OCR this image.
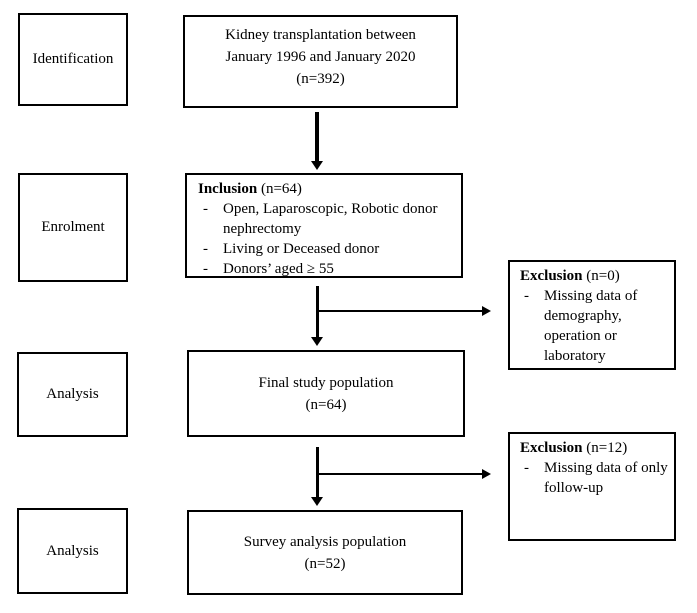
Identification
Enrolment
Analysis
Analysis
Kidney transplantation between
January 1996 and January 2020
(n=392)
Inclusion (n=64)
- Open, Laparoscopic, Robotic donor nephrectomy
- Living or Deceased donor
- Donors’ aged ≥ 55	Exclusion (n=0)
- Missing data of demography, operation or laboratory
Final study population
(n=64)
Exclusion (n=12)
- Missing data of only follow-up
Survey analysis population
(n=52)
